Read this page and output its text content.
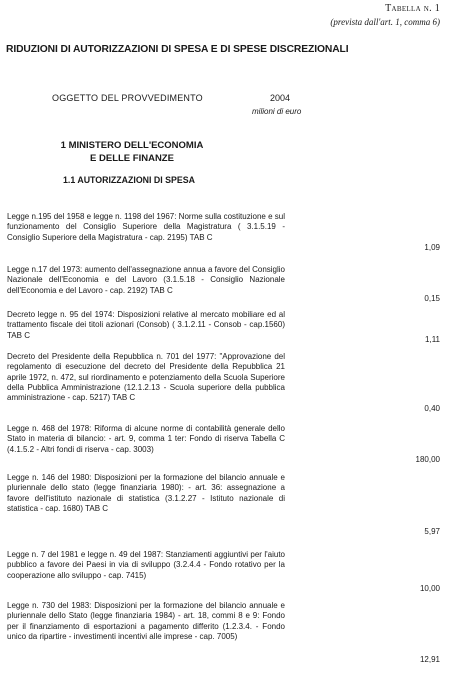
Tabella n. 1
(prevista dall'art. 1, comma 6)
RIDUZIONI DI AUTORIZZAZIONI DI SPESA E DI SPESE DISCREZIONALI
OGGETTO DEL PROVVEDIMENTO	2004
milioni di euro
1 MINISTERO DELL'ECONOMIA E DELLE FINANZE
1.1 AUTORIZZAZIONI DI SPESA
Legge n.195 del 1958 e legge n. 1198 del 1967: Norme sulla costituzione e sul funzionamento del Consiglio Superiore della Magistratura ( 3.1.5.19 - Consiglio Superiore della Magistratura - cap. 2195) TAB C
1,09
Legge n.17 del 1973: aumento dell'assegnazione annua a favore del Consiglio Nazionale dell'Economia e del Lavoro (3.1.5.18 - Consiglio Nazionale dell'Economia e del Lavoro - cap. 2192) TAB C
0,15
Decreto legge n. 95 del 1974: Disposizioni relative al mercato mobiliare ed al trattamento fiscale dei titoli azionari (Consob) ( 3.1.2.11 - Consob - cap.1560) TAB C	1,11
Decreto del Presidente della Repubblica n. 701 del 1977: "Approvazione del regolamento di esecuzione del decreto del Presidente della Repubblica 21 aprile 1972, n. 472, sul riordinamento e potenziamento della Scuola Superiore della Pubblica Amministrazione (12.1.2.13 - Scuola superiore della pubblica amministrazione - cap. 5217) TAB C
0,40
Legge n. 468 del 1978: Riforma di alcune norme di contabilità generale dello Stato in materia di bilancio: - art. 9, comma 1 ter: Fondo di riserva Tabella C (4.1.5.2 - Altri fondi di riserva - cap. 3003)
180,00
Legge n. 146 del 1980: Disposizioni per la formazione del bilancio annuale e pluriennale dello stato (legge finanziaria 1980): - art. 36: assegnazione a favore dell'istituto nazionale di statistica (3.1.2.27 - Istituto nazionale di statistica - cap. 1680) TAB C
5,97
Legge n. 7 del 1981 e legge n. 49 del 1987: Stanziamenti aggiuntivi per l'aiuto pubblico a favore dei Paesi in via di sviluppo (3.2.4.4 - Fondo rotativo per la cooperazione allo sviluppo - cap. 7415)
10,00
Legge n. 730 del 1983: Disposizioni per la formazione del bilancio annuale e pluriennale dello Stato (legge finanziaria 1984) - art. 18, commi 8 e 9: Fondo per il finanziamento di esportazioni a pagamento differito (1.2.3.4. - Fondo unico da ripartire - investimenti incentivi alle imprese - cap. 7005)
12,91
